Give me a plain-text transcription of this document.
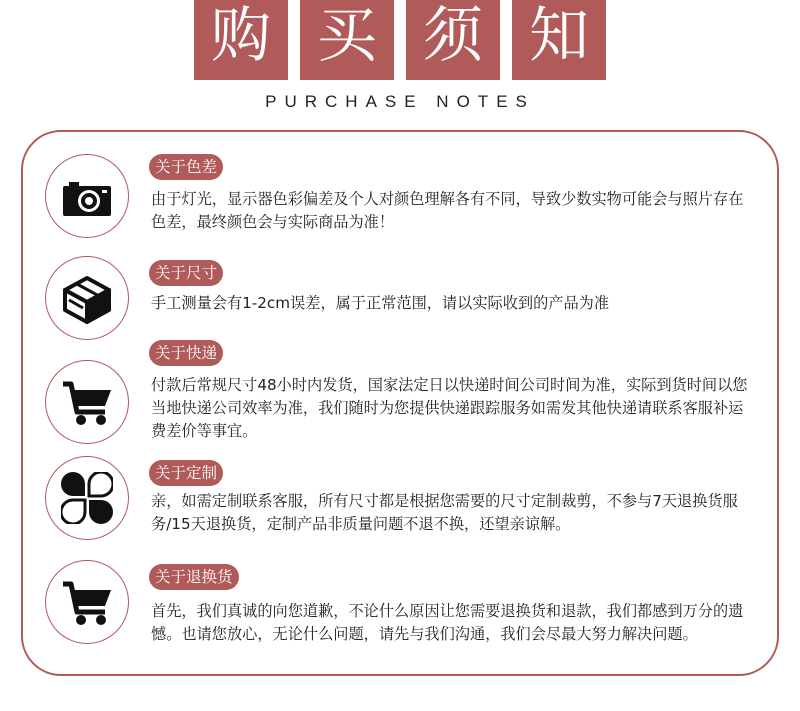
购 买 须 知
PURCHASE NOTES
关于色差
由于灯光，显示器色彩偏差及个人对颜色理解各有不同，导致少数实物可能会与照片存在色差，最终颜色会与实际商品为准！
关于尺寸
手工测量会有1-2cm误差，属于正常范围，请以实际收到的产品为准
关于快递
付款后常规尺寸48小时内发货，国家法定日以快递时间公司时间为准，实际到货时间以您当地快递公司效率为准，我们随时为您提供快递跟踪服务如需发其他快递请联系客服补运费差价等事宜。
关于定制
亲，如需定制联系客服，所有尺寸都是根据您需要的尺寸定制裁剪，不参与7天退换货服务/15天退换货，定制产品非质量问题不退不换，还望亲谅解。
关于退换货
首先，我们真诚的向您道歉，不论什么原因让您需要退换货和退款，我们都感到万分的遗憾。也请您放心，无论什么问题，请先与我们沟通，我们会尽最大努力解决问题。
